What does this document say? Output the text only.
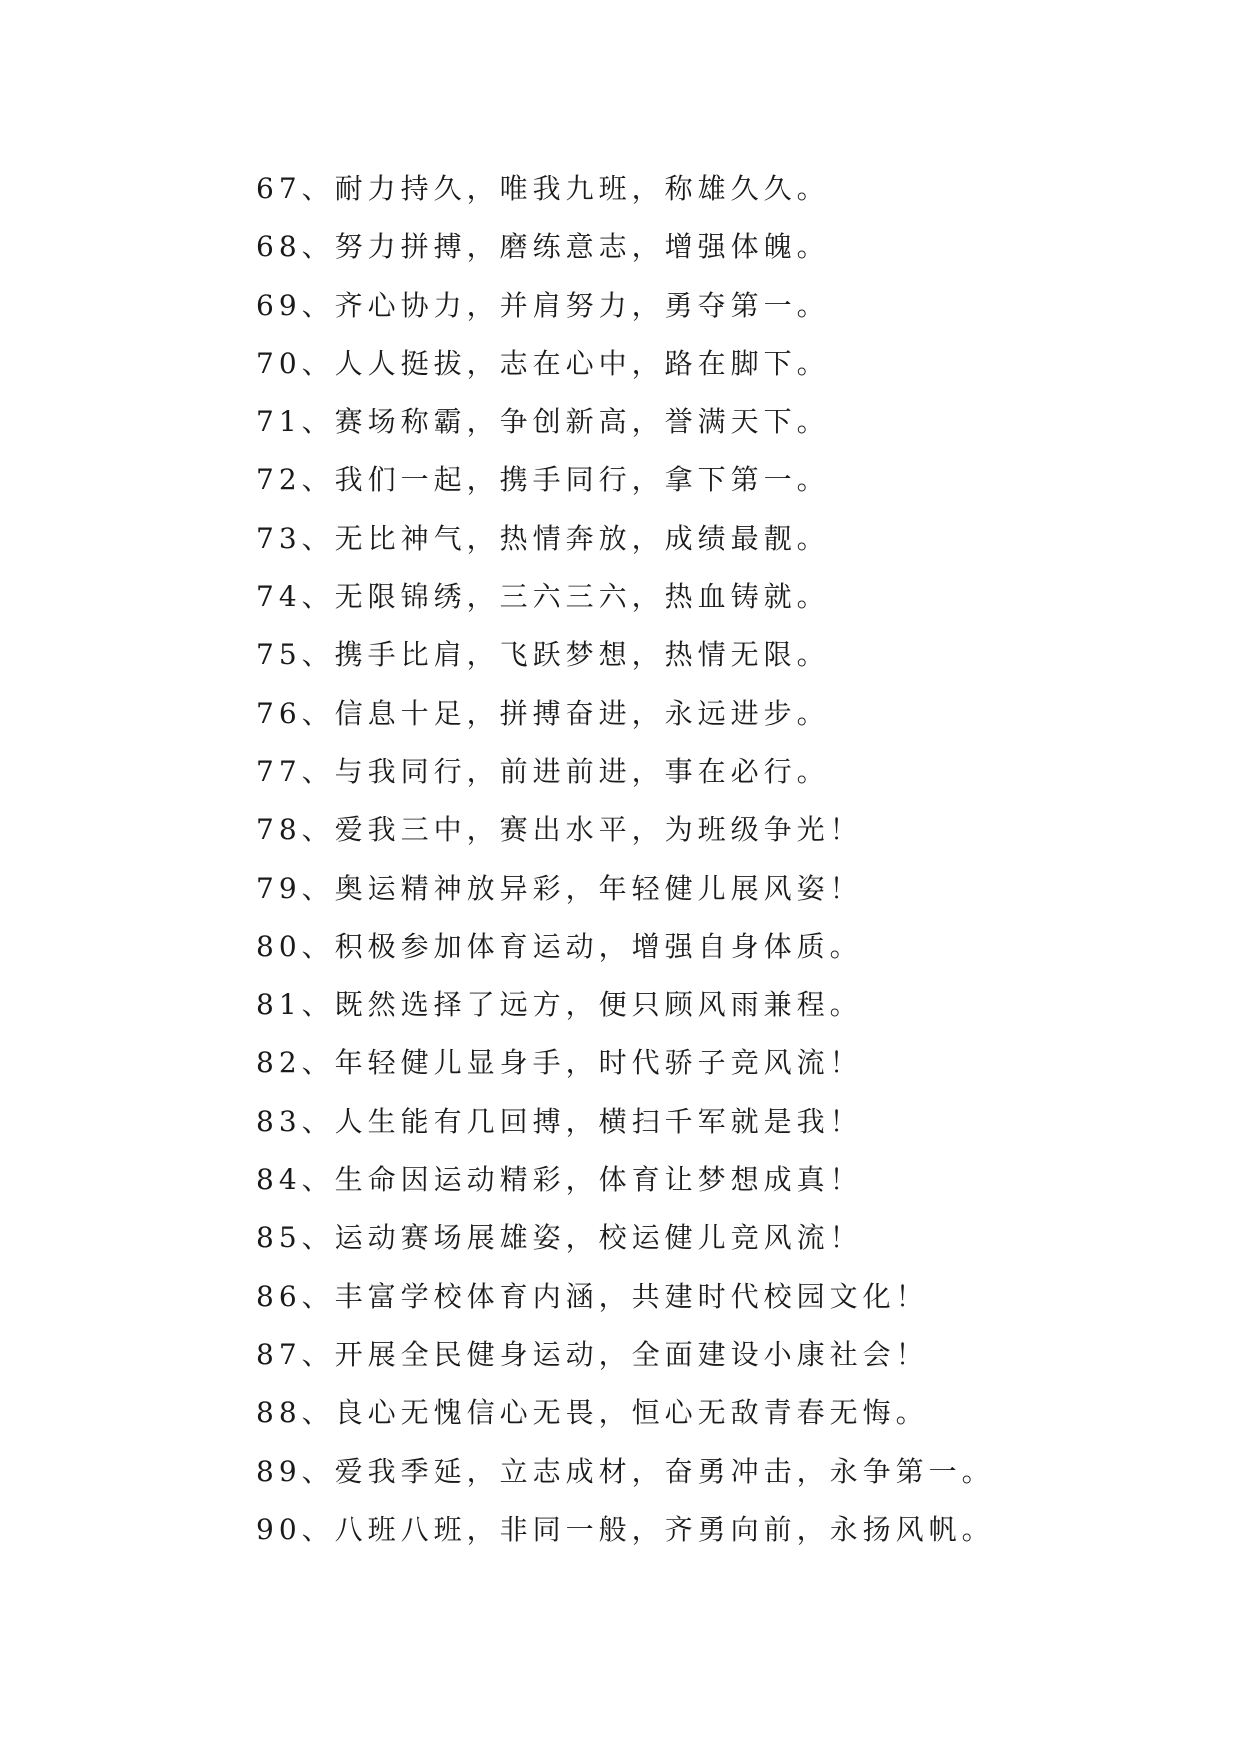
67、耐力持久，唯我九班，称雄久久。
68、努力拼搏，磨练意志，增强体魄。
69、齐心协力，并肩努力，勇夺第一。
70、人人挺拔，志在心中，路在脚下。
71、赛场称霸，争创新高，誉满天下。
72、我们一起，携手同行，拿下第一。
73、无比神气，热情奔放，成绩最靓。
74、无限锦绣，三六三六，热血铸就。
75、携手比肩，飞跃梦想，热情无限。
76、信息十足，拼搏奋进，永远进步。
77、与我同行，前进前进，事在必行。
78、爱我三中，赛出水平，为班级争光！
79、奥运精神放异彩，年轻健儿展风姿！
80、积极参加体育运动，增强自身体质。
81、既然选择了远方，便只顾风雨兼程。
82、年轻健儿显身手，时代骄子竞风流！
83、人生能有几回搏，横扫千军就是我！
84、生命因运动精彩，体育让梦想成真！
85、运动赛场展雄姿，校运健儿竞风流！
86、丰富学校体育内涵，共建时代校园文化！
87、开展全民健身运动，全面建设小康社会！
88、良心无愧信心无畏，恒心无敌青春无悔。
89、爱我季延，立志成材，奋勇冲击，永争第一。
90、八班八班，非同一般，齐勇向前，永扬风帆。
